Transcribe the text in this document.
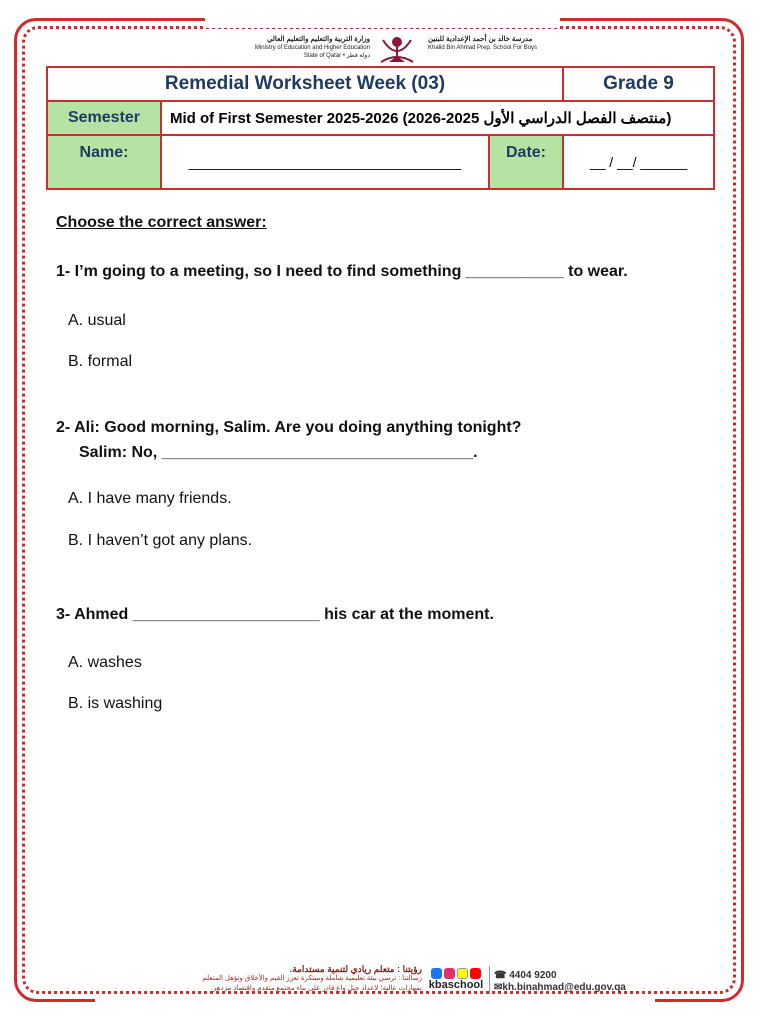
وزارة التربية والتعليم والتعليم العالي
Ministry of Education and Higher Education
State of Qatar • دولة قطر
مدرسة خالد بن أحمد الإعدادية للبنين
Khalid Bin Ahmad Prep. School For Boys
Remedial Worksheet Week (03)			Grade 9
Semester	Mid of First Semester 2025-2026 (منتصف الفصل الدراسي الأول 2025-2026)		
Name:	___________________________________	Date:	__ / __/ ______
Choose the correct answer:
1- I’m going to a meeting, so I need to find something ___________ to wear.
A. usual
B. formal
2- Ali: Good morning, Salim. Are you doing anything tonight?
Salim: No, ___________________________________.
A. I have many friends.
B. I haven’t got any plans.
3- Ahmed _____________________ his car at the moment.
A. washes
B. is washing
رؤيتنا : متعلم ريادي لتنمية مستدامة.
رسالتنا : ترسي بيئة تعليمية شاملة ومبتكرة تعزز القيم والأخلاق وتؤهل المتعلم
بمهارات عالية؛ لإعداد جيل واعٍ قادر على بناء مجتمع متقدم واقتصاد مزدهر. kbaschool
☎ 4404 9200
✉kh.binahmad@edu.gov.qa
